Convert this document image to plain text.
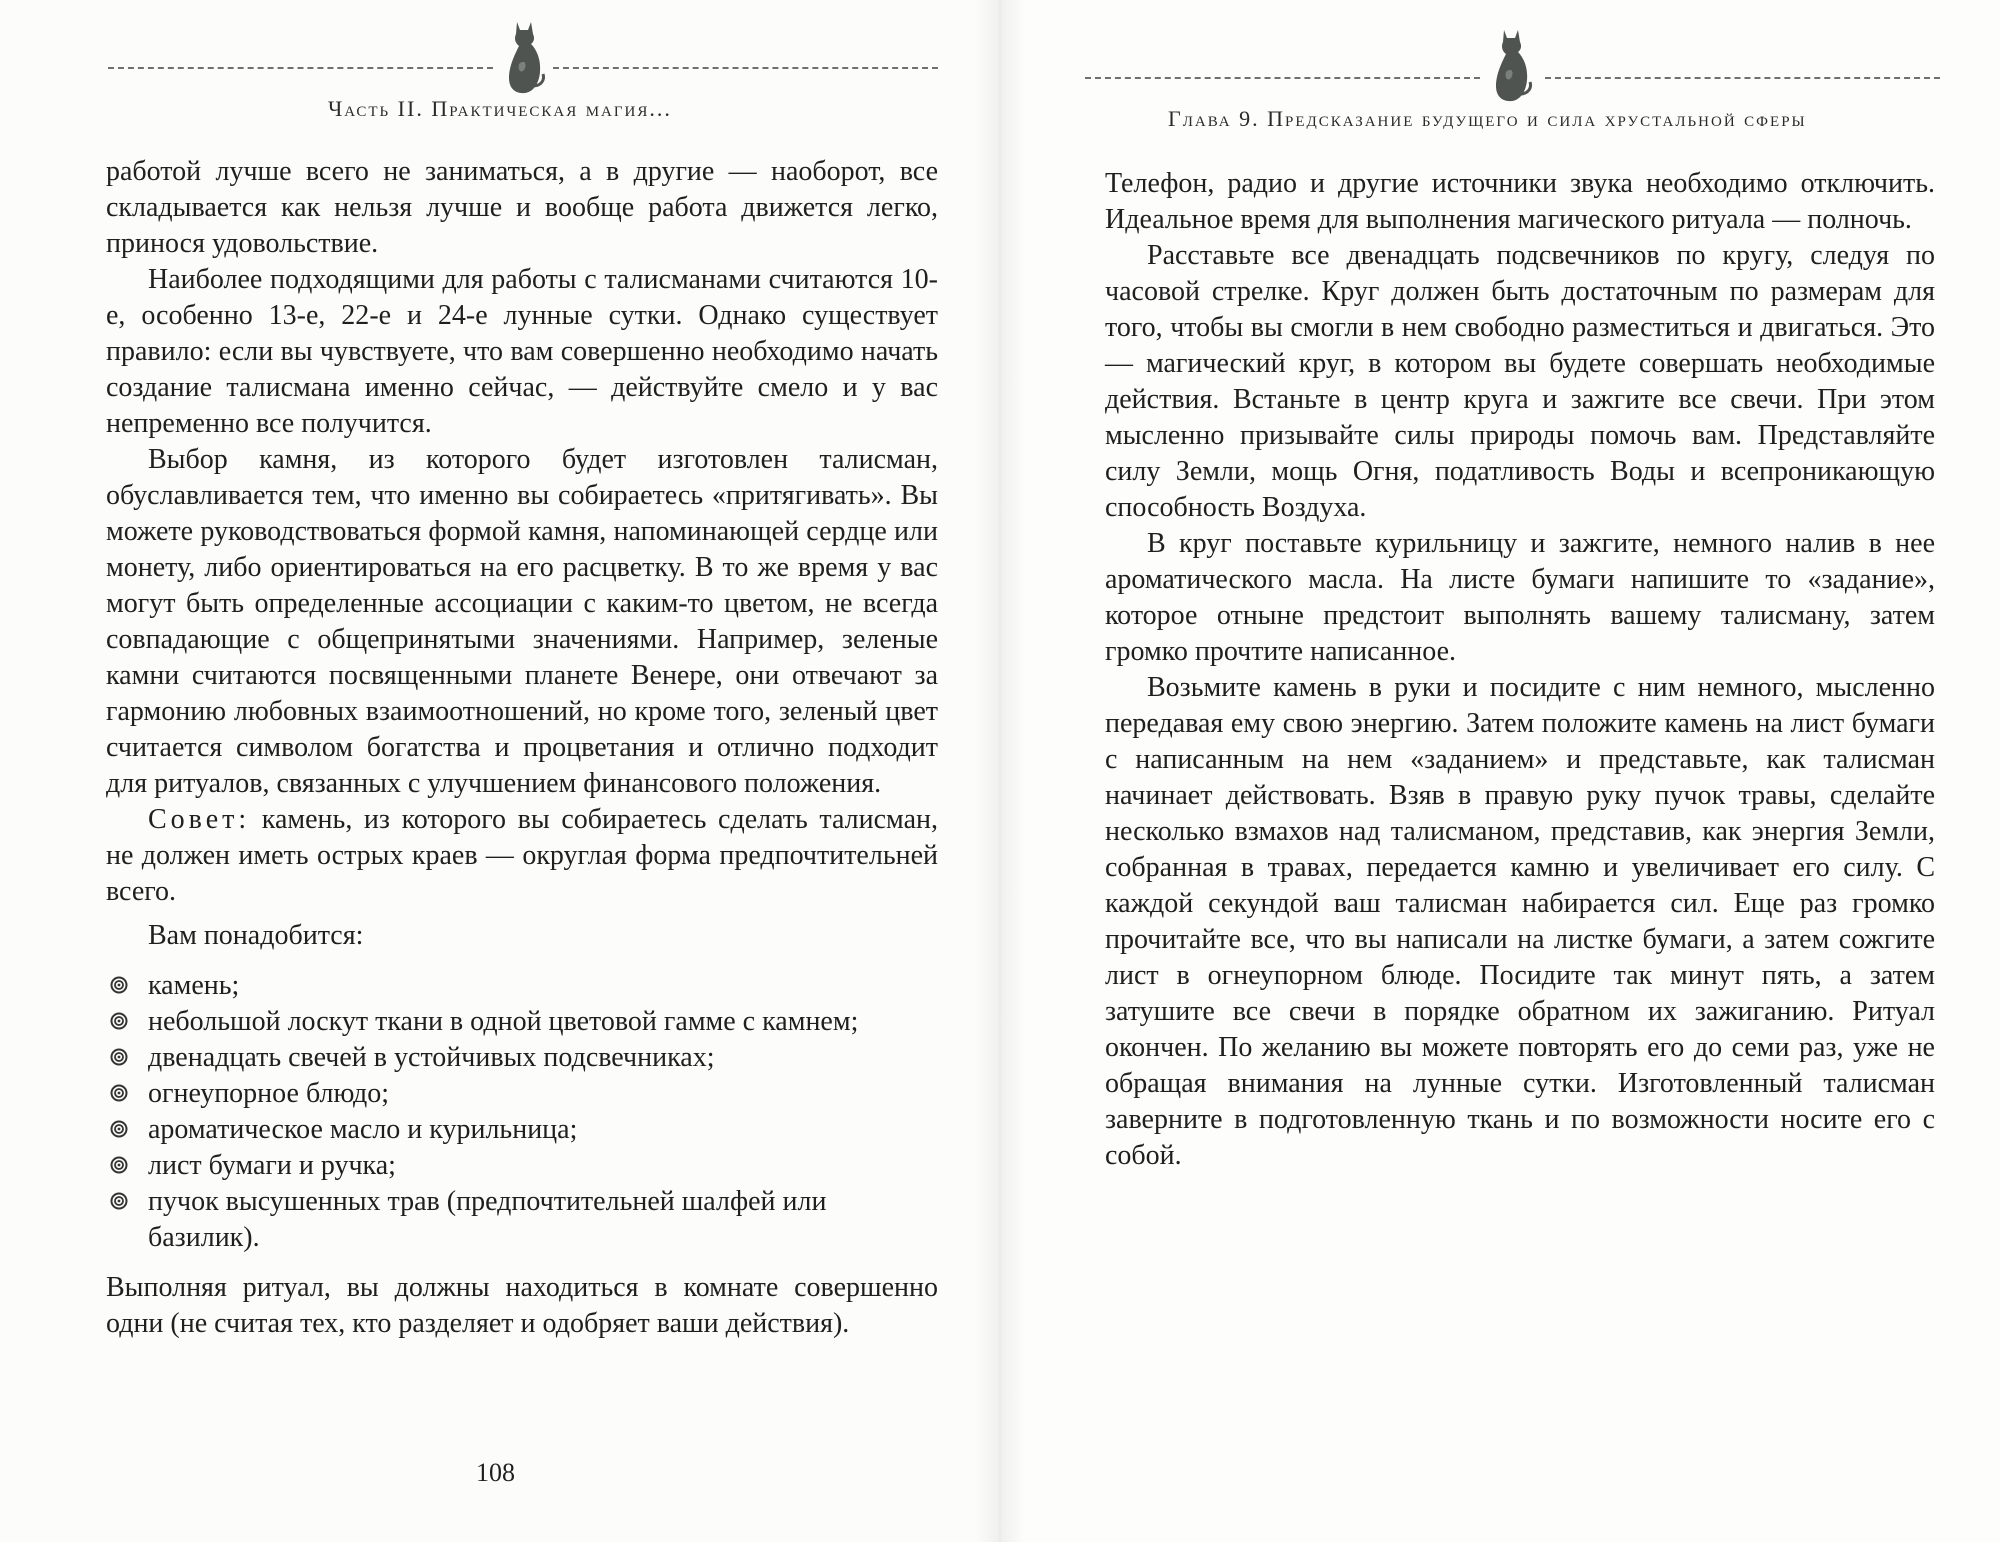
Часть II. Практическая магия...

работой лучше всего не заниматься, а в другие — наоборот, все складывается как нельзя лучше и вообще работа движется легко, принося удовольствие.

Наиболее подходящими для работы с талисманами считаются 10-е, особенно 13-е, 22-е и 24-е лунные сутки. Однако существует правило: если вы чувствуете, что вам совершенно необходимо начать создание талисмана именно сейчас, — действуйте смело и у вас непременно все получится.

Выбор камня, из которого будет изготовлен талисман, обуславливается тем, что именно вы собираетесь «притягивать». Вы можете руководствоваться формой камня, напоминающей сердце или монету, либо ориентироваться на его расцветку. В то же время у вас могут быть определенные ассоциации с каким-то цветом, не всегда совпадающие с общепринятыми значениями. Например, зеленые камни считаются посвященными планете Венере, они отвечают за гармонию любовных взаимоотношений, но кроме того, зеленый цвет считается символом богатства и процветания и отлично подходит для ритуалов, связанных с улучшением финансового положения.

Совет: камень, из которого вы собираетесь сделать талисман, не должен иметь острых краев — округлая форма предпочтительней всего.

Вам понадобится:

камень;
небольшой лоскут ткани в одной цветовой гамме с камнем;
двенадцать свечей в устойчивых подсвечниках;
огнеупорное блюдо;
ароматическое масло и курильница;
лист бумаги и ручка;
пучок высушенных трав (предпочтительней шалфей или базилик).

Выполняя ритуал, вы должны находиться в комнате совершенно одни (не считая тех, кто разделяет и одобряет ваши действия).

108
Глава 9. Предсказание будущего и сила хрустальной сферы

Телефон, радио и другие источники звука необходимо отключить. Идеальное время для выполнения магического ритуала — полночь.

Расставьте все двенадцать подсвечников по кругу, следуя по часовой стрелке. Круг должен быть достаточным по размерам для того, чтобы вы смогли в нем свободно разместиться и двигаться. Это — магический круг, в котором вы будете совершать необходимые действия. Встаньте в центр круга и зажгите все свечи. При этом мысленно призывайте силы природы помочь вам. Представляйте силу Земли, мощь Огня, податливость Воды и всепроникающую способность Воздуха.

В круг поставьте курильницу и зажгите, немного налив в нее ароматического масла. На листе бумаги напишите то «задание», которое отныне предстоит выполнять вашему талисману, затем громко прочтите написанное.

Возьмите камень в руки и посидите с ним немного, мысленно передавая ему свою энергию. Затем положите камень на лист бумаги с написанным на нем «заданием» и представьте, как талисман начинает действовать. Взяв в правую руку пучок травы, сделайте несколько взмахов над талисманом, представив, как энергия Земли, собранная в травах, передается камню и увеличивает его силу. С каждой секундой ваш талисман набирается сил. Еще раз громко прочитайте все, что вы написали на листке бумаги, а затем сожгите лист в огнеупорном блюде. Посидите так минут пять, а затем затушите все свечи в порядке обратном их зажиганию. Ритуал окончен. По желанию вы можете повторять его до семи раз, уже не обращая внимания на лунные сутки. Изготовленный талисман заверните в подготовленную ткань и по возможности носите его с собой.
